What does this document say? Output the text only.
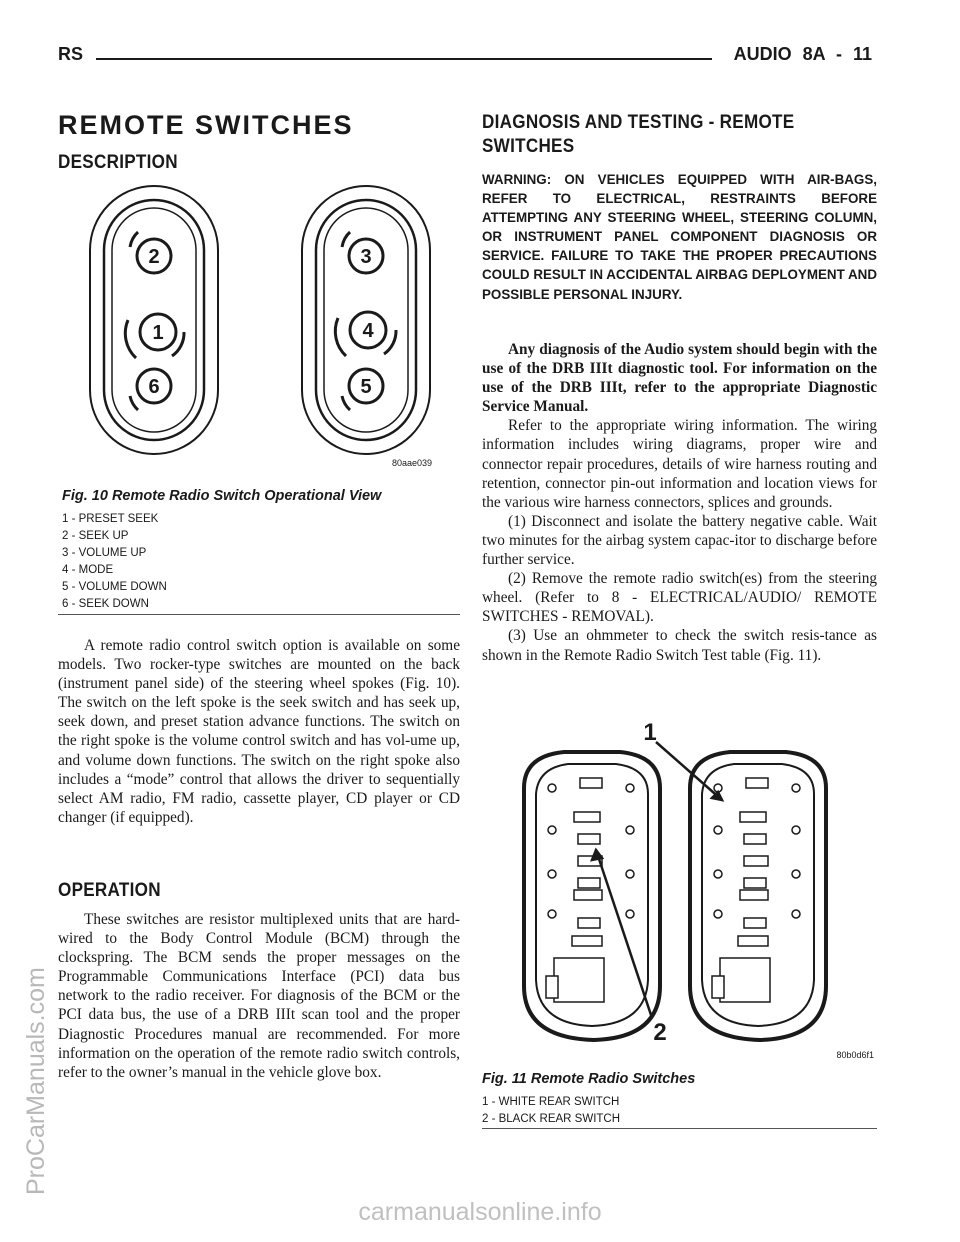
RS	AUDIO 8A - 11
REMOTE SWITCHES
DESCRIPTION
2
1
6
3
4
5
80aae039
Fig. 10 Remote Radio Switch Operational View
1 - PRESET SEEK
2 - SEEK UP
3 - VOLUME UP
4 - MODE
5 - VOLUME DOWN
6 - SEEK DOWN

A remote radio control switch option is available on some models. Two rocker-type switches are mounted on the back (instrument panel side) of the steering wheel spokes (Fig. 10). The switch on the left spoke is the seek switch and has seek up, seek down, and preset station advance functions. The switch on the right spoke is the volume control switch and has vol-ume up, and volume down functions. The switch on the right spoke also includes a “mode” control that allows the driver to sequentially select AM radio, FM radio, cassette player, CD player or CD changer (if equipped).

OPERATION

These switches are resistor multiplexed units that are hard-wired to the Body Control Module (BCM) through the clockspring. The BCM sends the proper messages on the Programmable Communications Interface (PCI) data bus network to the radio receiver. For diagnosis of the BCM or the PCI data bus, the use of a DRB IIIt scan tool and the proper Diagnostic Procedures manual are recommended. For more information on the operation of the remote radio switch controls, refer to the owner’s manual in the vehicle glove box.

DIAGNOSIS AND TESTING - REMOTE
SWITCHES
WARNING: ON VEHICLES EQUIPPED WITH AIR-BAGS, REFER TO ELECTRICAL, RESTRAINTS BEFORE ATTEMPTING ANY STEERING WHEEL, STEERING COLUMN, OR INSTRUMENT PANEL COMPONENT DIAGNOSIS OR SERVICE. FAILURE TO TAKE THE PROPER PRECAUTIONS COULD RESULT IN ACCIDENTAL AIRBAG DEPLOYMENT AND POSSIBLE PERSONAL INJURY.

Any diagnosis of the Audio system should begin with the use of the DRB IIIt diagnostic tool. For information on the use of the DRB IIIt, refer to the appropriate Diagnostic Service Manual.

Refer to the appropriate wiring information. The wiring information includes wiring diagrams, proper wire and connector repair procedures, details of wire harness routing and retention, connector pin-out information and location views for the various wire harness connectors, splices and grounds.

(1) Disconnect and isolate the battery negative cable. Wait two minutes for the airbag system capac-itor to discharge before further service.

(2) Remove the remote radio switch(es) from the steering wheel. (Refer to 8 - ELECTRICAL/AUDIO/ REMOTE SWITCHES - REMOVAL).

(3) Use an ohmmeter to check the switch resis-tance as shown in the Remote Radio Switch Test table (Fig. 11).

1
2
80b0d6f1
Fig. 11 Remote Radio Switches
1 - WHITE REAR SWITCH
2 - BLACK REAR SWITCH
ProCarManuals.com
carmanualsonline.info
